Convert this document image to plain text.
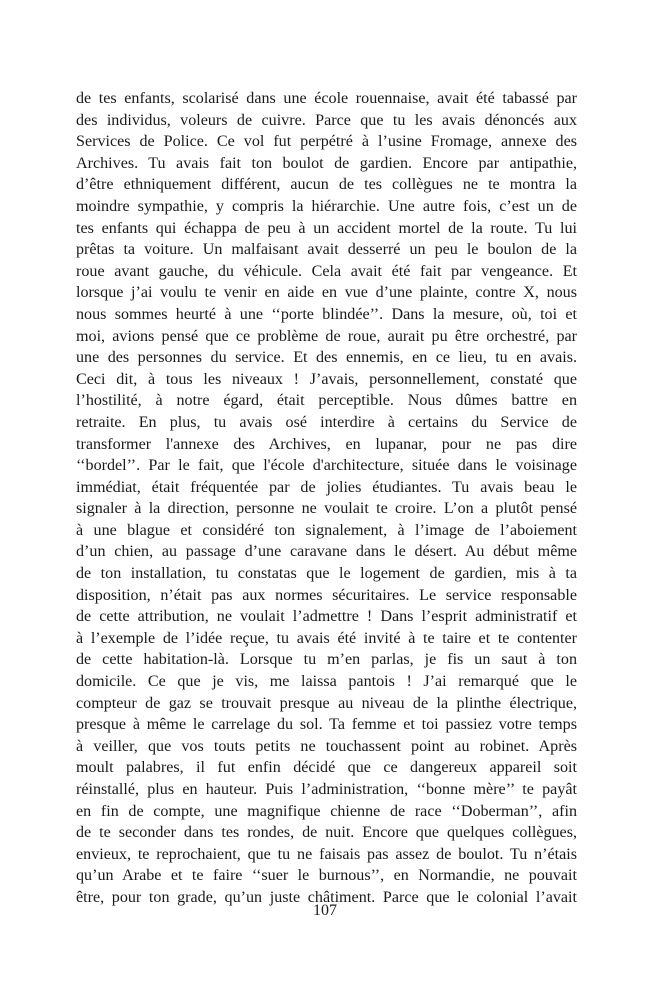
de tes enfants, scolarisé dans une école rouennaise, avait été tabassé par
des individus, voleurs de cuivre. Parce que tu les avais dénoncés aux
Services de Police. Ce vol fut perpétré à l’usine Fromage, annexe des
Archives. Tu avais fait ton boulot de gardien. Encore par antipathie,
d’être ethniquement différent, aucun de tes collègues ne te montra la
moindre sympathie, y compris la hiérarchie. Une autre fois, c’est un de
tes enfants qui échappa de peu à un accident mortel de la route. Tu lui
prêtas ta voiture. Un malfaisant avait desserré un peu le boulon de la
roue avant gauche, du véhicule. Cela avait été fait par vengeance. Et
lorsque j’ai voulu te venir en aide en vue d’une plainte, contre X, nous
nous sommes heurté à une ‘‘porte blindée’’. Dans la mesure, où, toi et
moi, avions pensé que ce problème de roue, aurait pu être orchestré, par
une des personnes du service. Et des ennemis, en ce lieu, tu en avais.
Ceci dit, à tous les niveaux ! J’avais, personnellement, constaté que
l’hostilité, à notre égard, était perceptible. Nous dûmes battre en
retraite. En plus, tu avais osé interdire à certains du Service de
transformer l'annexe des Archives, en lupanar, pour ne pas dire
‘‘bordel’’. Par le fait, que l'école d'architecture, située dans le voisinage
immédiat, était fréquentée par de jolies étudiantes. Tu avais beau le
signaler à la direction, personne ne voulait te croire. L’on a plutôt pensé
à une blague et considéré ton signalement, à l’image de l’aboiement
d’un chien, au passage d’une caravane dans le désert. Au début même
de ton installation, tu constatas que le logement de gardien, mis à ta
disposition, n’était pas aux normes sécuritaires. Le service responsable
de cette attribution, ne voulait l’admettre ! Dans l’esprit administratif et
à l’exemple de l’idée reçue, tu avais été invité à te taire et te contenter
de cette habitation-là. Lorsque tu m’en parlas, je fis un saut à ton
domicile. Ce que je vis, me laissa pantois ! J’ai remarqué que le
compteur de gaz se trouvait presque au niveau de la plinthe électrique,
presque à même le carrelage du sol. Ta femme et toi passiez votre temps
à veiller, que vos touts petits ne touchassent point au robinet. Après
moult palabres, il fut enfin décidé que ce dangereux appareil soit
réinstallé, plus en hauteur. Puis l’administration, ‘‘bonne mère’’ te payât
en fin de compte, une magnifique chienne de race ‘‘Doberman’’, afin
de te seconder dans tes rondes, de nuit. Encore que quelques collègues,
envieux, te reprochaient, que tu ne faisais pas assez de boulot. Tu n’étais
qu’un Arabe et te faire ‘‘suer le burnous’’, en Normandie, ne pouvait
être, pour ton grade, qu’un juste châtiment. Parce que le colonial l’avait
107
